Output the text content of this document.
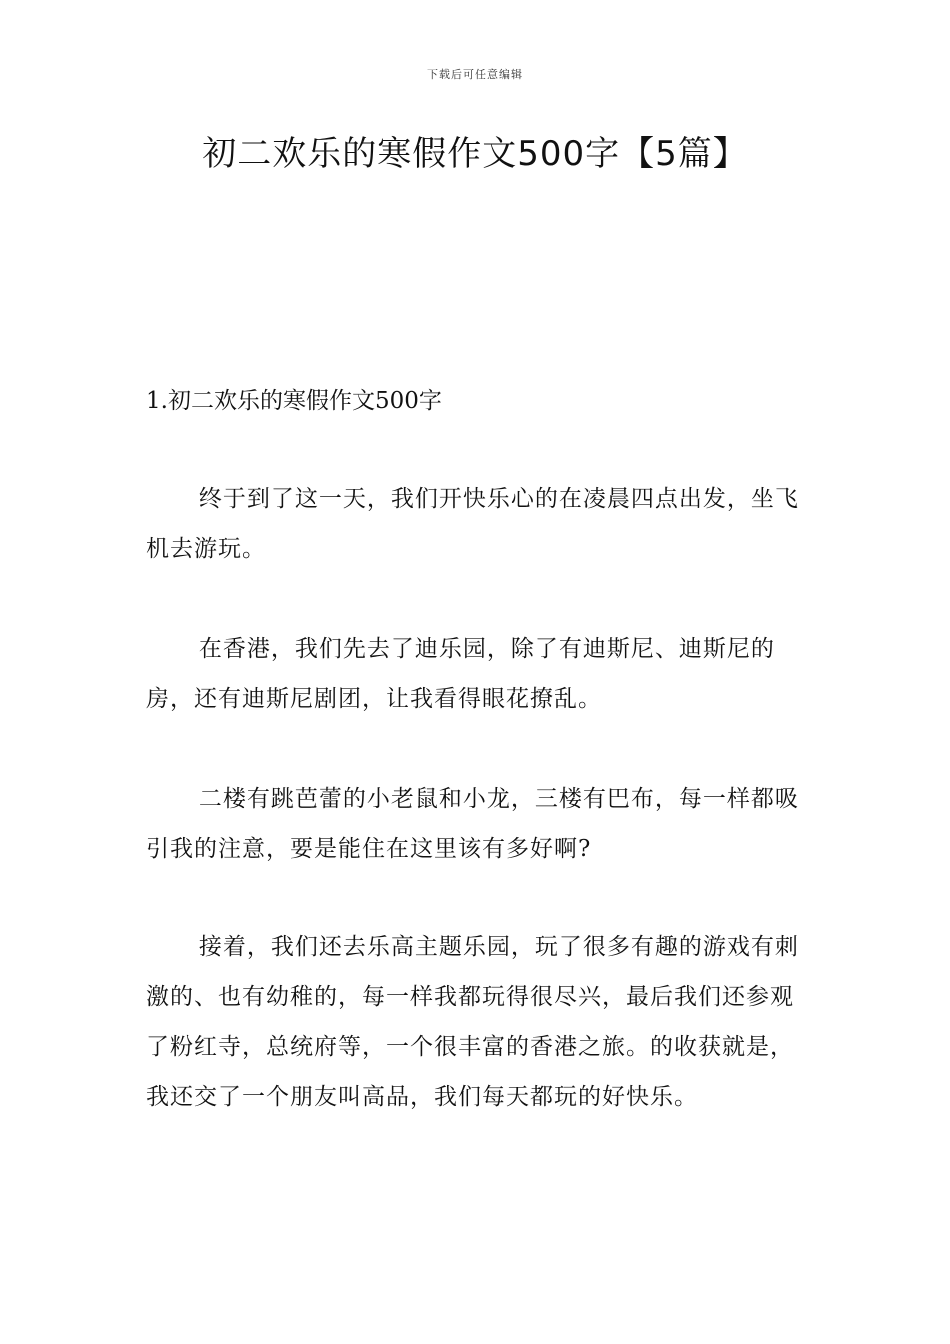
下载后可任意编辑
初二欢乐的寒假作文500字【5篇】
1.初二欢乐的寒假作文500字

终于到了这一天，我们开快乐心的在凌晨四点出发，坐飞机去游玩。

在香港，我们先去了迪乐园，除了有迪斯尼、迪斯尼的房，还有迪斯尼剧团，让我看得眼花撩乱。

二楼有跳芭蕾的小老鼠和小龙，三楼有巴布，每一样都吸引我的注意，要是能住在这里该有多好啊?

接着，我们还去乐高主题乐园，玩了很多有趣的游戏有刺激的、也有幼稚的，每一样我都玩得很尽兴，最后我们还参观了粉红寺，总统府等，一个很丰富的香港之旅。的收获就是，我还交了一个朋友叫高品，我们每天都玩的好快乐。
